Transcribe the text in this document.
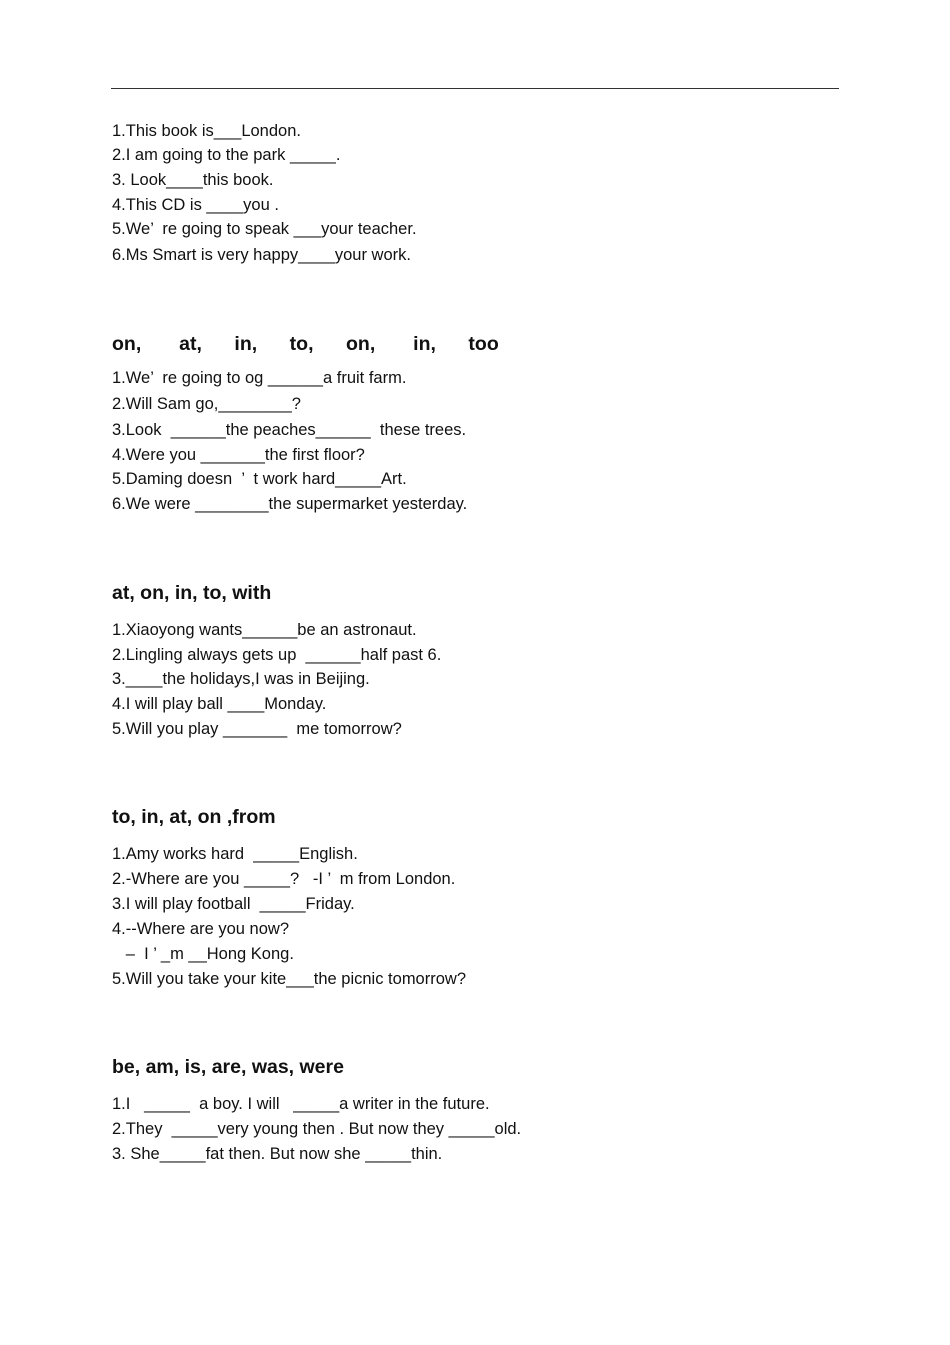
1.This book is___London.
2.I am going to the park _____.
3. Look____this book.
4.This CD is ____you .
5.We’  re going to speak ___your teacher.
6.Ms Smart is very happy____your work.
on,       at,      in,      to,      on,       in,      too
1.We’  re going to og ______a fruit farm.
2.Will Sam go,________?
3.Look  ______the peaches______  these trees.
4.Were you _______the first floor?
5.Daming doesn  ’  t work hard_____Art.
6.We were ________the supermarket yesterday.
at, on, in, to, with
1.Xiaoyong wants______be an astronaut.
2.Lingling always gets up  ______half past 6.
3.____the holidays,I was in Beijing.
4.I will play ball ____Monday.
5.Will you play _______  me tomorrow?
to, in, at, on ,from
1.Amy works hard  _____English.
2.-Where are you _____?   -I ’  m from London.
3.I will play football  _____Friday.
4.--Where are you now?
–  I ’ _m __Hong Kong.
5.Will you take your kite___the picnic tomorrow?
be, am, is, are, was, were
1.I   _____  a boy. I will   _____a writer in the future.
2.They  _____very young then . But now they _____old.
3. She_____fat then. But now she _____thin.
